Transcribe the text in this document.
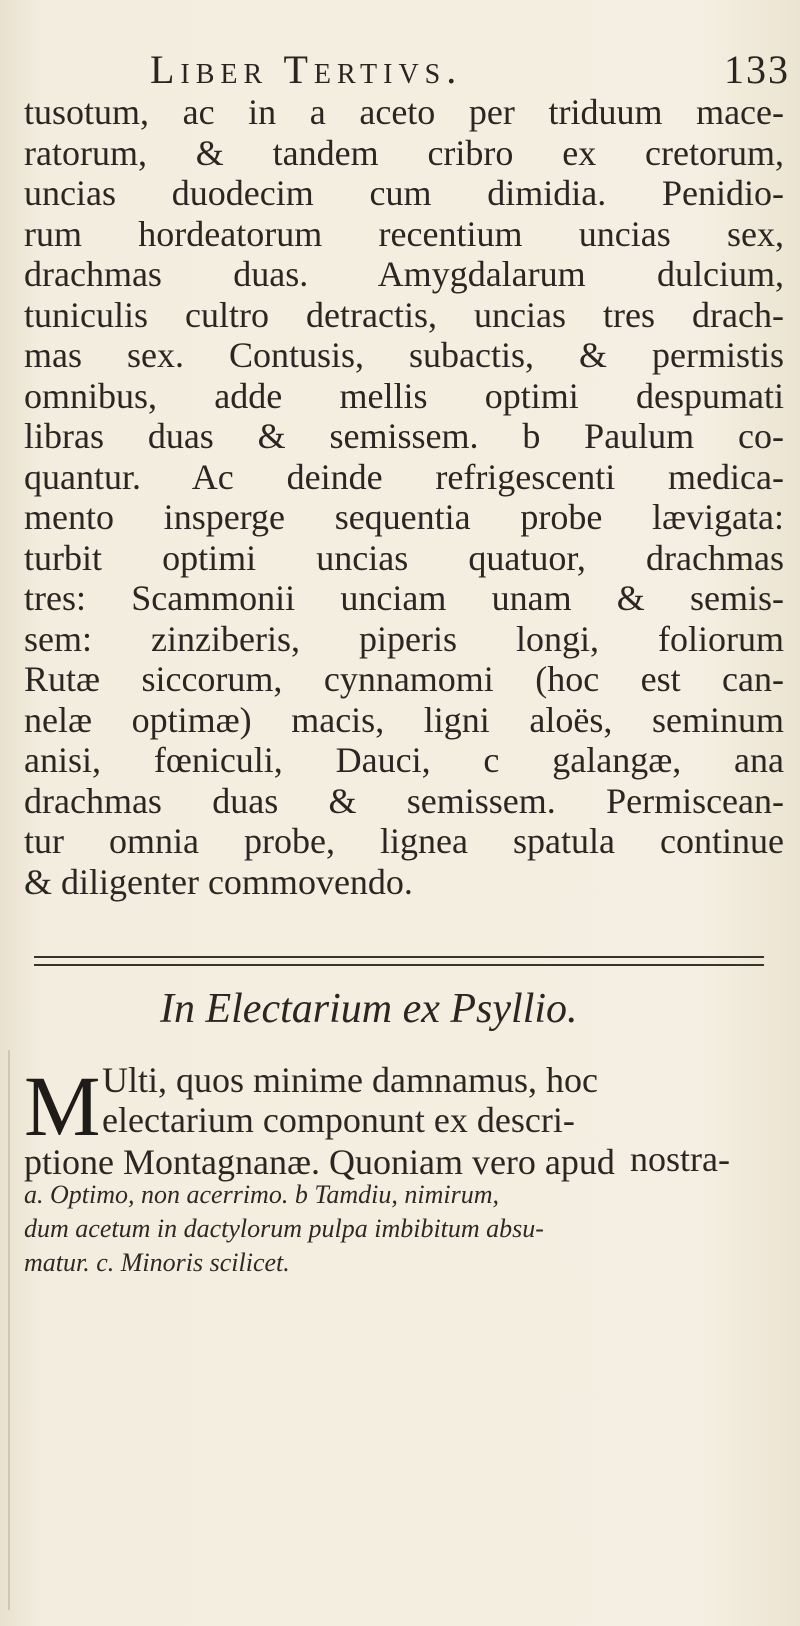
Liber Tertivs.	133
tusotum, ac in a aceto per triduum mace-
ratorum, & tandem cribro ex cretorum,
uncias duodecim cum dimidia. Penidio-
rum hordeatorum recentium uncias sex,
drachmas duas. Amygdalarum dulcium,
tuniculis cultro detractis, uncias tres drach-
mas sex. Contusis, subactis, & permistis
omnibus, adde mellis optimi despumati
libras duas & semissem. b Paulum co-
quantur. Ac deinde refrigescenti medica-
mento insperge sequentia probe lævigata:
turbit optimi uncias quatuor, drachmas
tres: Scammonii unciam unam & semis-
sem: zinziberis, piperis longi, foliorum
Rutæ siccorum, cynnamomi (hoc est can-
nelæ optimæ) macis, ligni aloës, seminum
anisi, fœniculi, Dauci, c galangæ, ana
drachmas duas & semissem. Permiscean-
tur omnia probe, lignea spatula continue
& diligenter commovendo.
In Electarium ex Psyllio.
M Ulti, quos minime damnamus, hoc
electarium componunt ex descri-
ptione Montagnanæ. Quoniam vero apud nostra-
a. Optimo, non acerrimo. b Tamdiu, nimirum,
dum acetum in dactylorum pulpa imbibitum absu-
matur. c. Minoris scilicet.
